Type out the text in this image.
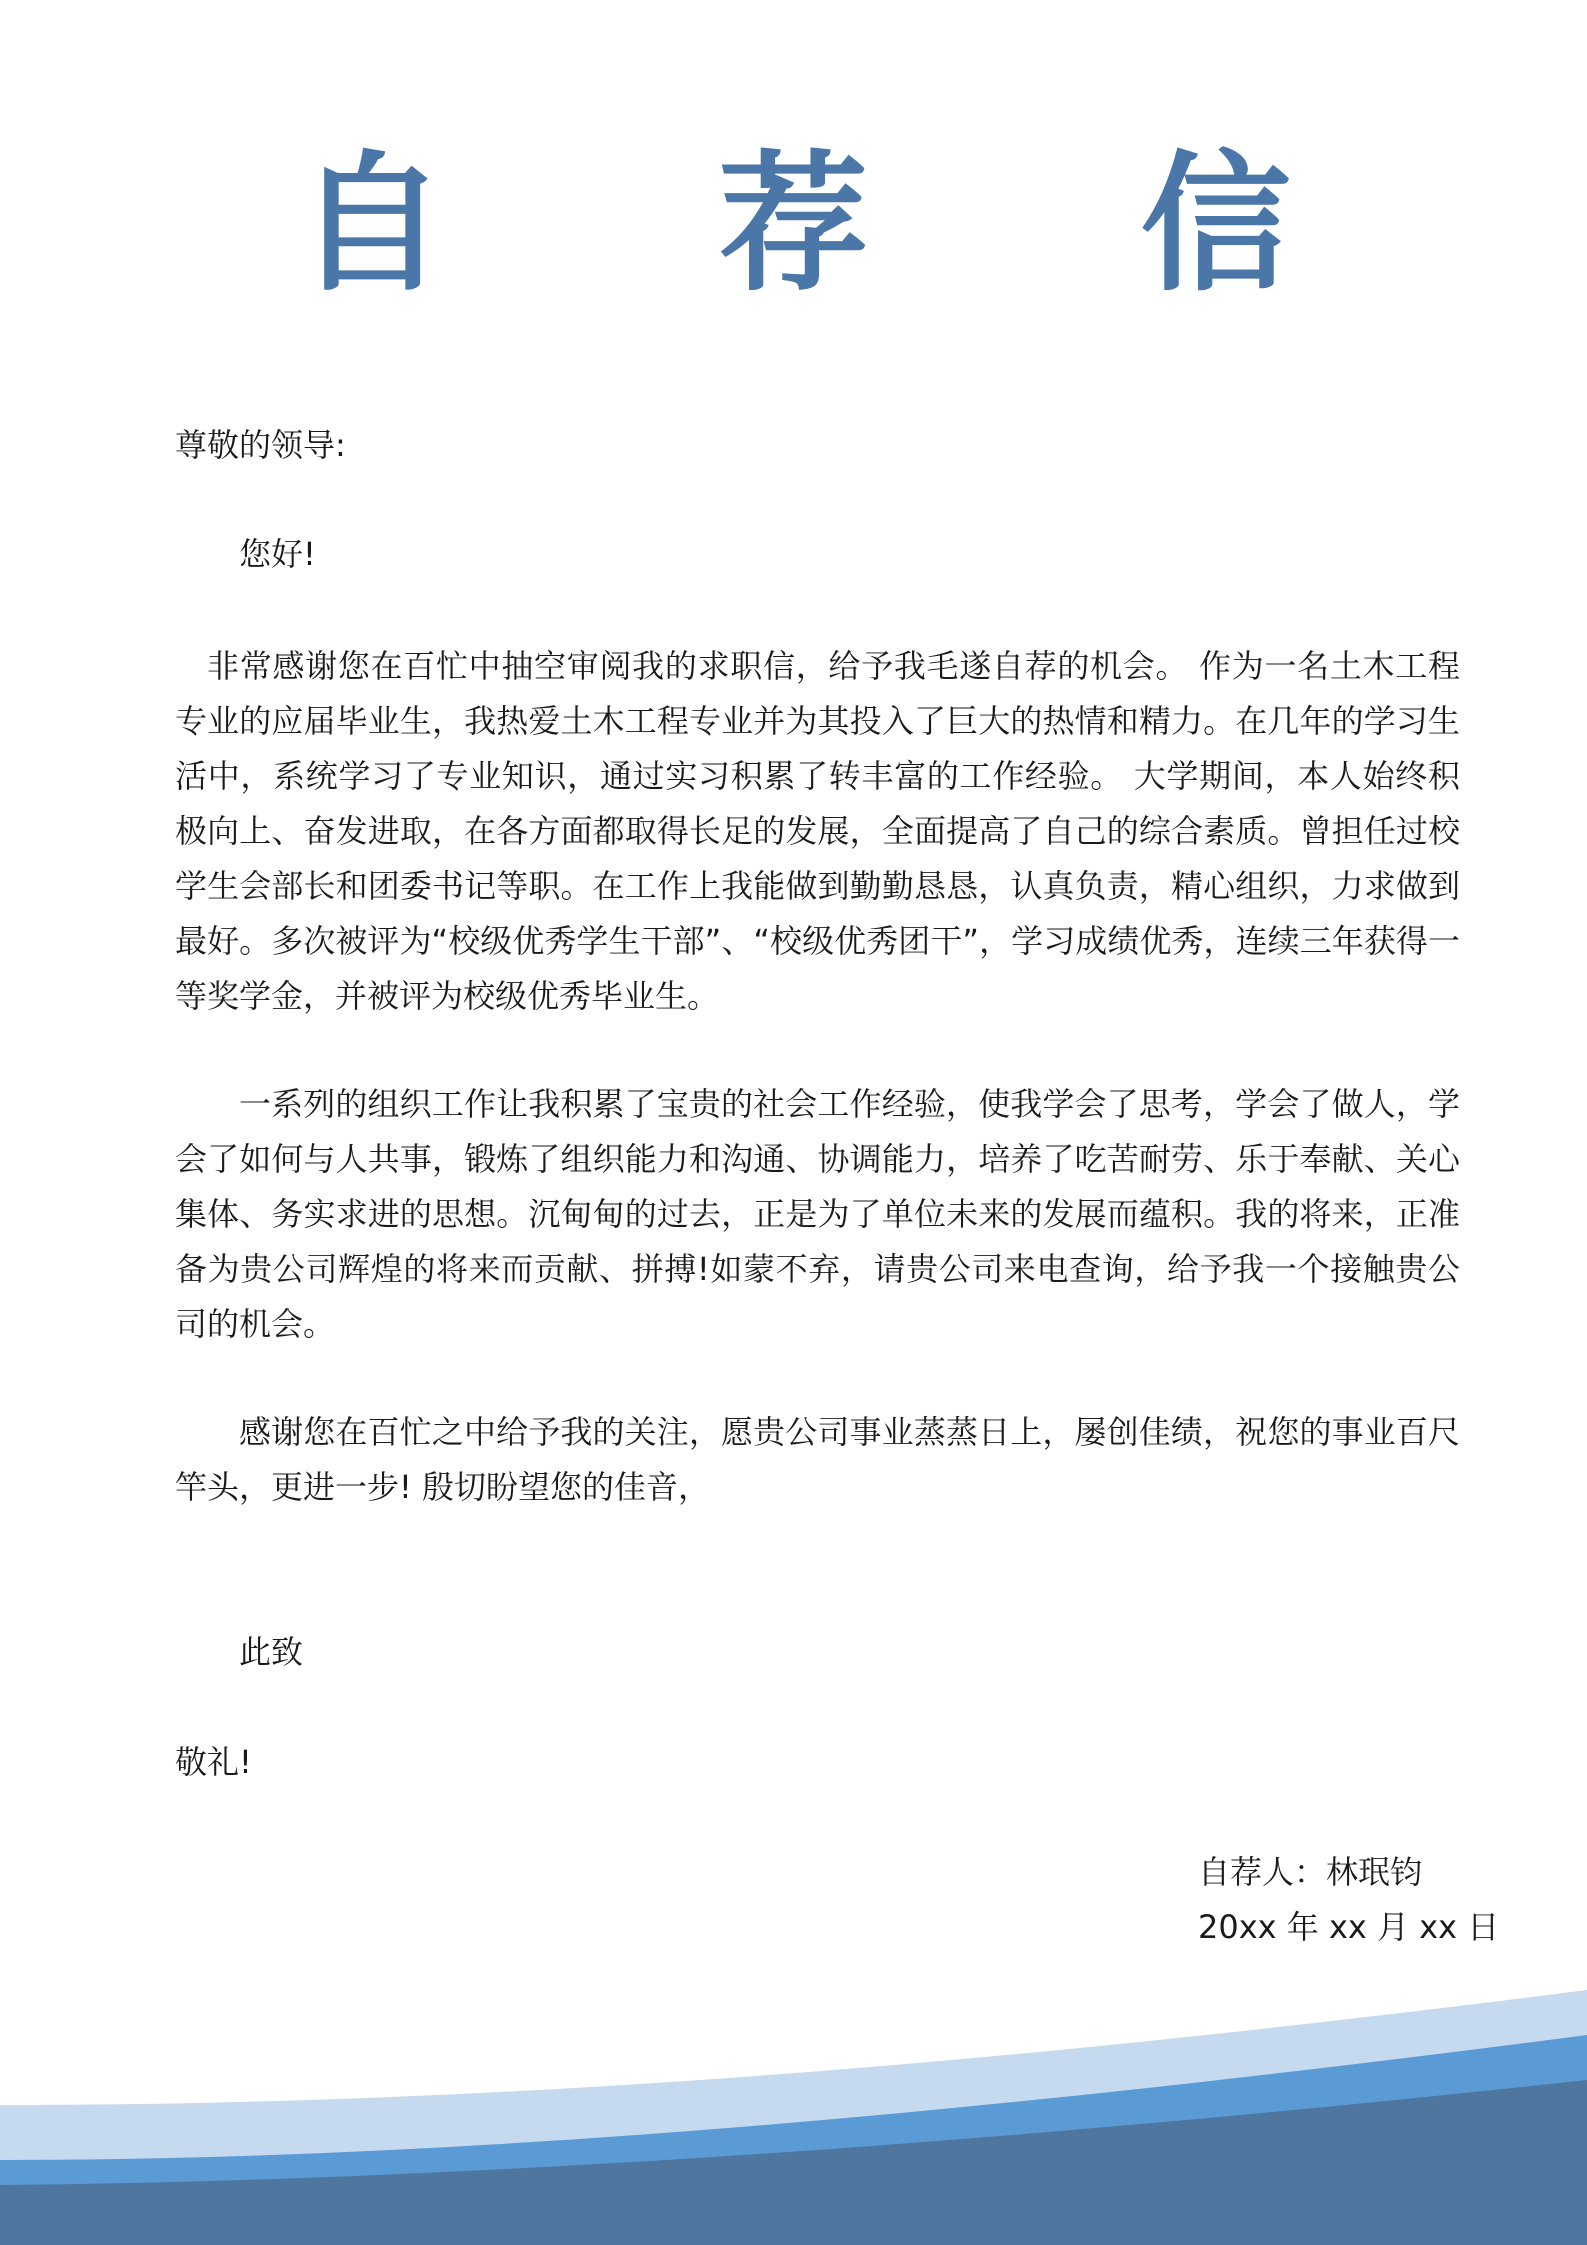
自 荐 信

尊敬的领导:

您好!

非常感谢您在百忙中抽空审阅我的求职信，给予我毛遂自荐的机会。 作为一名土木工程专业的应届毕业生，我热爱土木工程专业并为其投入了巨大的热情和精力。在几年的学习生活中，系统学习了专业知识，通过实习积累了转丰富的工作经验。 大学期间，本人始终积极向上、奋发进取，在各方面都取得长足的发展，全面提高了自己的综合素质。曾担任过校学生会部长和团委书记等职。在工作上我能做到勤勤恳恳，认真负责，精心组织，力求做到最好。多次被评为“校级优秀学生干部”、“校级优秀团干”，学习成绩优秀，连续三年获得一等奖学金，并被评为校级优秀毕业生。

一系列的组织工作让我积累了宝贵的社会工作经验，使我学会了思考，学会了做人，学会了如何与人共事，锻炼了组织能力和沟通、协调能力，培养了吃苦耐劳、乐于奉献、关心集体、务实求进的思想。沉甸甸的过去，正是为了单位未来的发展而蕴积。我的将来，正准备为贵公司辉煌的将来而贡献、拼搏!如蒙不弃，请贵公司来电查询，给予我一个接触贵公司的机会。

感谢您在百忙之中给予我的关注，愿贵公司事业蒸蒸日上，屡创佳绩，祝您的事业百尺竿头，更进一步! 殷切盼望您的佳音，

此致

敬礼!

自荐人：林珉钧
20xx 年 xx 月 xx 日
